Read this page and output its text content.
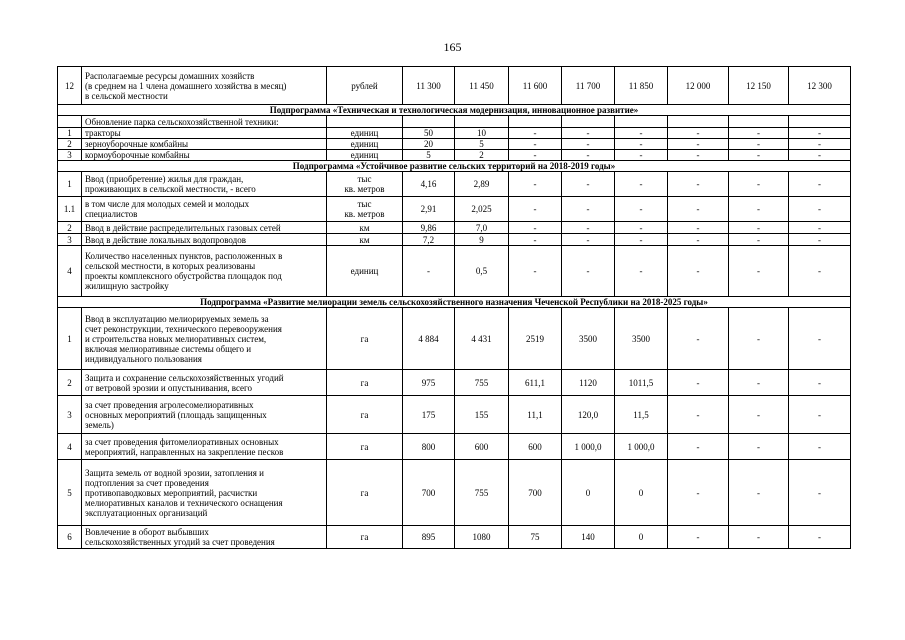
165
12	Располагаемые ресурсы домашних хозяйств
(в среднем на 1 члена домашнего хозяйства в месяц)
в сельской местности	рублей	11 300	11 450	11 600	11 700	11 850	12 000	12 150	12 300
Подпрограмма «Техническая и технологическая модернизация, инновационное развитие»										
	Обновление парка сельскохозяйственной техники:									
1	тракторы	единиц	50	10	-	-	-	-	-	-
2	зерноуборочные комбайны	единиц	20	5	-	-	-	-	-	-
3	кормоуборочные комбайны	единиц	5	2	-	-	-	-	-	-
Подпрограмма «Устойчивое развитие сельских территорий на 2018-2019 годы»										
1	Ввод (приобретение) жилья для граждан,
проживающих в сельской местности, - всего	тыс
кв. метров	4,16	2,89	-	-	-	-	-	-
1.1	в том числе для молодых семей и молодых
специалистов	тыс
кв. метров	2,91	2,025	-	-	-	-	-	-
2	Ввод в действие распределительных газовых сетей	км	9,86	7,0	-	-	-	-	-	-
3	Ввод в действие локальных водопроводов	км	7,2	9	-	-	-	-	-	-
4	Количество населенных пунктов, расположенных в
сельской местности, в которых реализованы
проекты комплексного обустройства площадок под
жилищную застройку	единиц	-	0,5	-	-	-	-	-	-
Подпрограмма «Развитие мелиорации земель сельскохозяйственного назначения Чеченской Республики на 2018-2025 годы»										
1	Ввод в эксплуатацию мелиорируемых земель за
счет реконструкции, технического перевооружения
и строительства новых мелиоративных систем,
включая мелиоративные системы общего и
индивидуального пользования	га	4 884	4 431	2519	3500	3500	-	-	-
2	Защита и сохранение сельскохозяйственных угодий
от ветровой эрозии и опустынивания, всего	га	975	755	611,1	1120	1011,5	-	-	-
3	за счет проведения агролесомелиоративных
основных мероприятий (площадь защищенных
земель)	га	175	155	11,1	120,0	11,5	-	-	-
4	за счет проведения фитомелиоративных основных
мероприятий, направленных на закрепление песков	га	800	600	600	1 000,0	1 000,0	-	-	-
5	Защита земель от водной эрозии, затопления и
подтопления за счет проведения
противопаводковых мероприятий, расчистки
мелиоративных каналов и технического оснащения
эксплуатационных организаций	га	700	755	700	0	0	-	-	-
6	Вовлечение в оборот выбывших
сельскохозяйственных угодий за счет проведения	га	895	1080	75	140	0	-	-	-
